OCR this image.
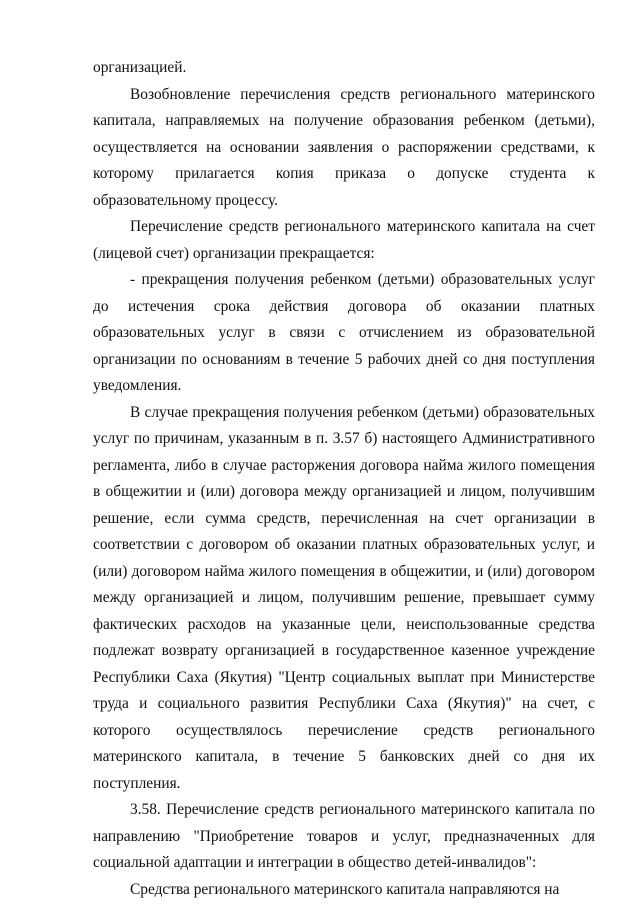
организацией.

Возобновление перечисления средств регионального материнского капитала, направляемых на получение образования ребенком (детьми), осуществляется на основании заявления о распоряжении средствами, к которому прилагается копия приказа о допуске студента к образовательному процессу.

Перечисление средств регионального материнского капитала на счет (лицевой счет) организации прекращается:

- прекращения получения ребенком (детьми) образовательных услуг до истечения срока действия договора об оказании платных образовательных услуг в связи с отчислением из образовательной организации по основаниям в течение 5 рабочих дней со дня поступления уведомления.

В случае прекращения получения ребенком (детьми) образовательных услуг по причинам, указанным в п. 3.57 б) настоящего Административного регламента, либо в случае расторжения договора найма жилого помещения в общежитии и (или) договора между организацией и лицом, получившим решение, если сумма средств, перечисленная на счет организации в соответствии с договором об оказании платных образовательных услуг, и (или) договором найма жилого помещения в общежитии, и (или) договором между организацией и лицом, получившим решение, превышает сумму фактических расходов на указанные цели, неиспользованные средства подлежат возврату организацией в государственное казенное учреждение Республики Саха (Якутия) "Центр социальных выплат при Министерстве труда и социального развития Республики Саха (Якутия)" на счет, с которого осуществлялось перечисление средств регионального материнского капитала, в течение 5 банковских дней со дня их поступления.

3.58. Перечисление средств регионального материнского капитала по направлению "Приобретение товаров и услуг, предназначенных для социальной адаптации и интеграции в общество детей-инвалидов":

Средства регионального материнского капитала направляются на
